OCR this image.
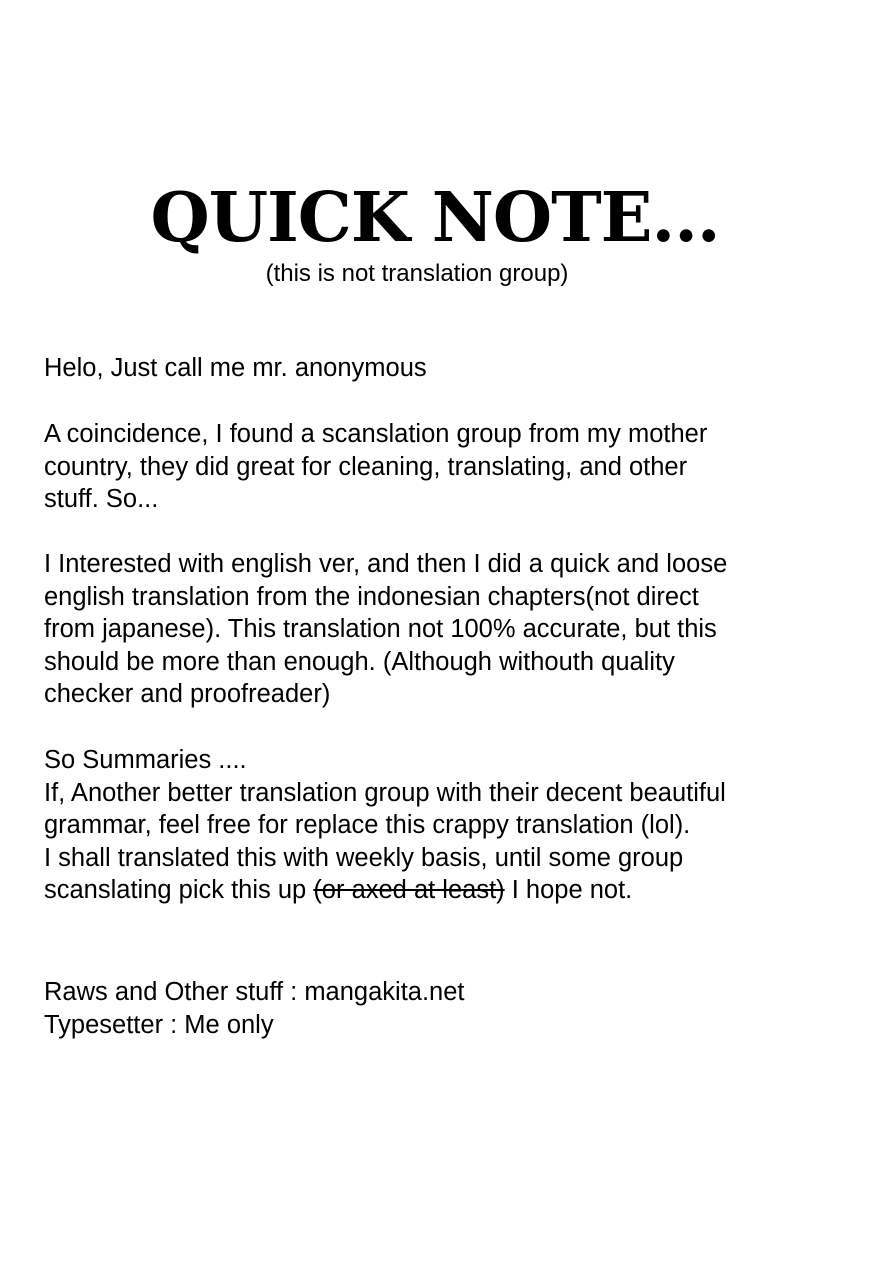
QUICK NOTE...

(this is not translation group)

Helo, Just call me mr. anonymous

A coincidence, I found a scanslation group from my mother
country, they did great for cleaning, translating, and other
stuff. So...

I Interested with english ver, and then I did a quick and loose
english translation from the indonesian chapters(not direct
from japanese). This translation not 100% accurate, but this
should be more than enough. (Although withouth quality
checker and proofreader)

So Summaries ....
If, Another better translation group with their decent beautiful
grammar, feel free for replace this crappy translation (lol).
I shall translated this with weekly basis, until some group
scanslating pick this up (or axed at least) I hope not.

Raws and Other stuff : mangakita.net
Typesetter : Me only
